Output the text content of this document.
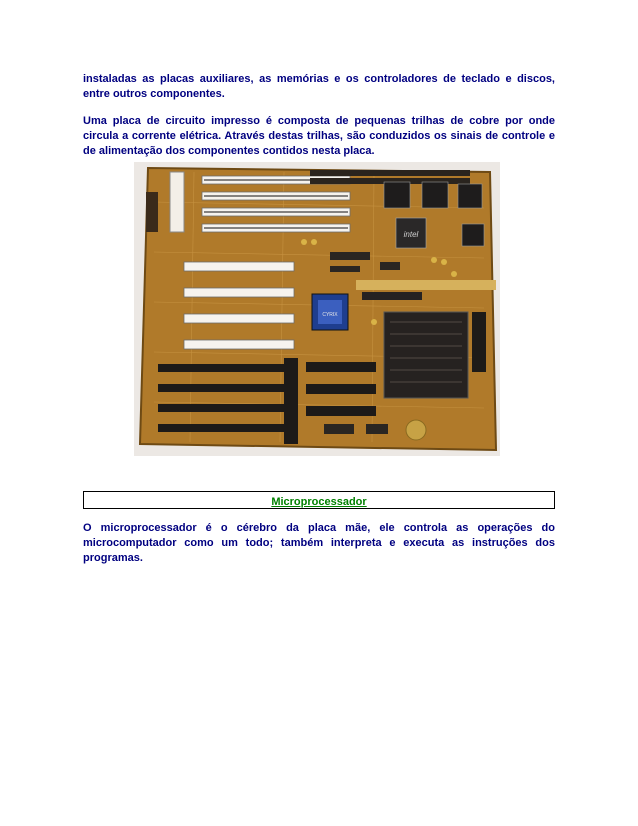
instaladas as placas auxiliares, as memórias e os controladores de teclado e discos, entre outros componentes.

Uma placa de circuito impresso é composta de pequenas trilhas de cobre por onde circula a corrente elétrica. Através destas trilhas, são conduzidos os sinais de controle e de alimentação dos componentes contidos nesta placa.

intel
CYRIX
Microprocessador

O microprocessador é o cérebro da placa mãe, ele controla as operações do microcomputador como um todo; também interpreta e executa as instruções dos programas.
